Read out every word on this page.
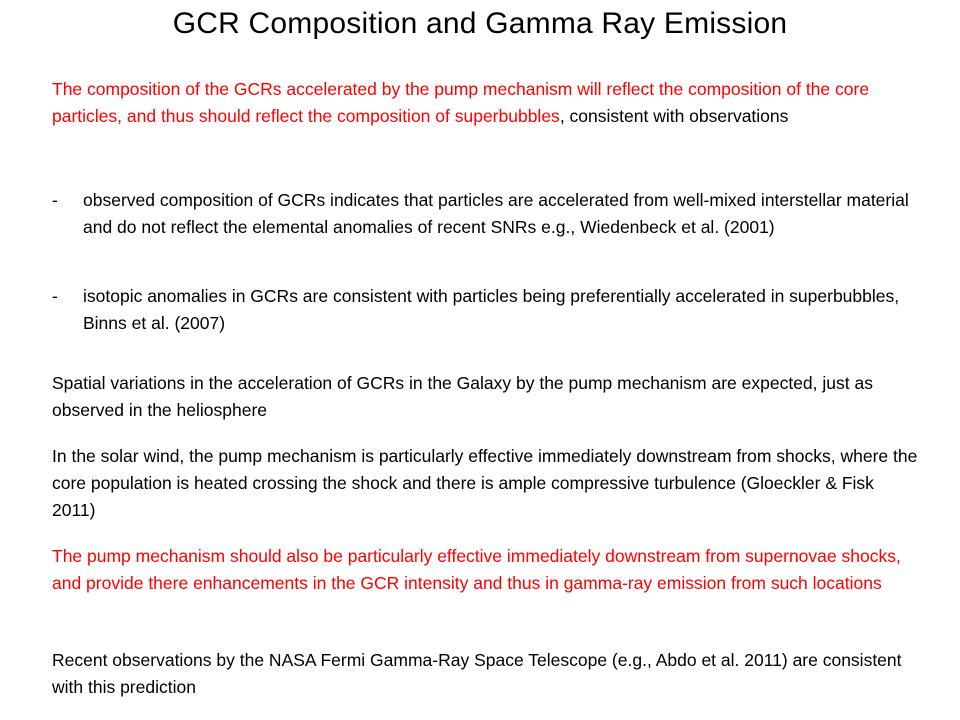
GCR Composition and Gamma Ray Emission
The composition of the GCRs accelerated by the pump mechanism will reflect the composition of the core particles, and thus should reflect the composition of superbubbles, consistent with observations
-	observed composition of GCRs indicates that particles are accelerated from well-mixed interstellar material and do not reflect the elemental anomalies of recent SNRs e.g., Wiedenbeck et al. (2001)
-	isotopic anomalies in GCRs are consistent with particles being preferentially accelerated in superbubbles, Binns et al. (2007)
Spatial variations in the acceleration of GCRs in the Galaxy by the pump mechanism are expected, just as observed in the heliosphere
In the solar wind, the pump mechanism is particularly effective immediately downstream from shocks, where the core population is heated crossing the shock and there is ample compressive turbulence (Gloeckler & Fisk 2011)
The pump mechanism should also be particularly effective immediately downstream from supernovae shocks, and provide there enhancements in the GCR intensity and thus in gamma-ray emission from such locations
Recent observations by the NASA Fermi Gamma-Ray Space Telescope (e.g., Abdo et al. 2011) are consistent with this prediction
